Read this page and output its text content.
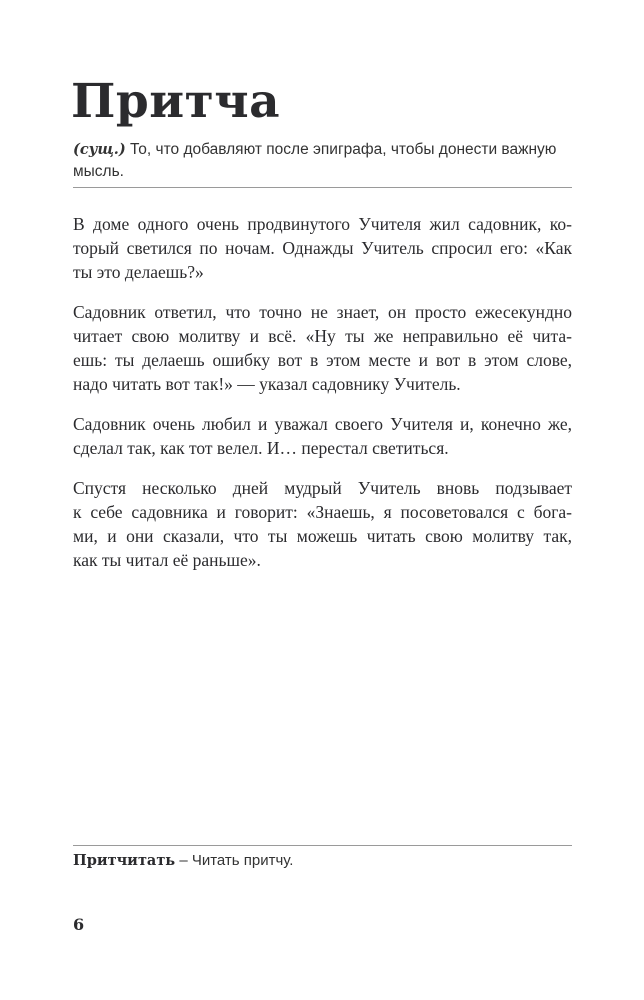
Притча
(сущ.) То, что добавляют после эпиграфа, чтобы донести важную мысль.

В доме одного очень продвинутого Учителя жил садовник, ко-
торый светился по ночам. Однажды Учитель спросил его: «Как
ты это делаешь?»

Садовник ответил, что точно не знает, он просто ежесекундно
читает свою молитву и всё. «Ну ты же неправильно её чита-
ешь: ты делаешь ошибку вот в этом месте и вот в этом слове,
надо читать вот так!» — указал садовнику Учитель.

Садовник очень любил и уважал своего Учителя и, конечно же,
сделал так, как тот велел. И… перестал светиться.

Спустя несколько дней мудрый Учитель вновь подзывает
к себе садовника и говорит: «Знаешь, я посоветовался с бога-
ми, и они сказали, что ты можешь читать свою молитву так,
как ты читал её раньше».

Притчитать – Читать притчу.
6
